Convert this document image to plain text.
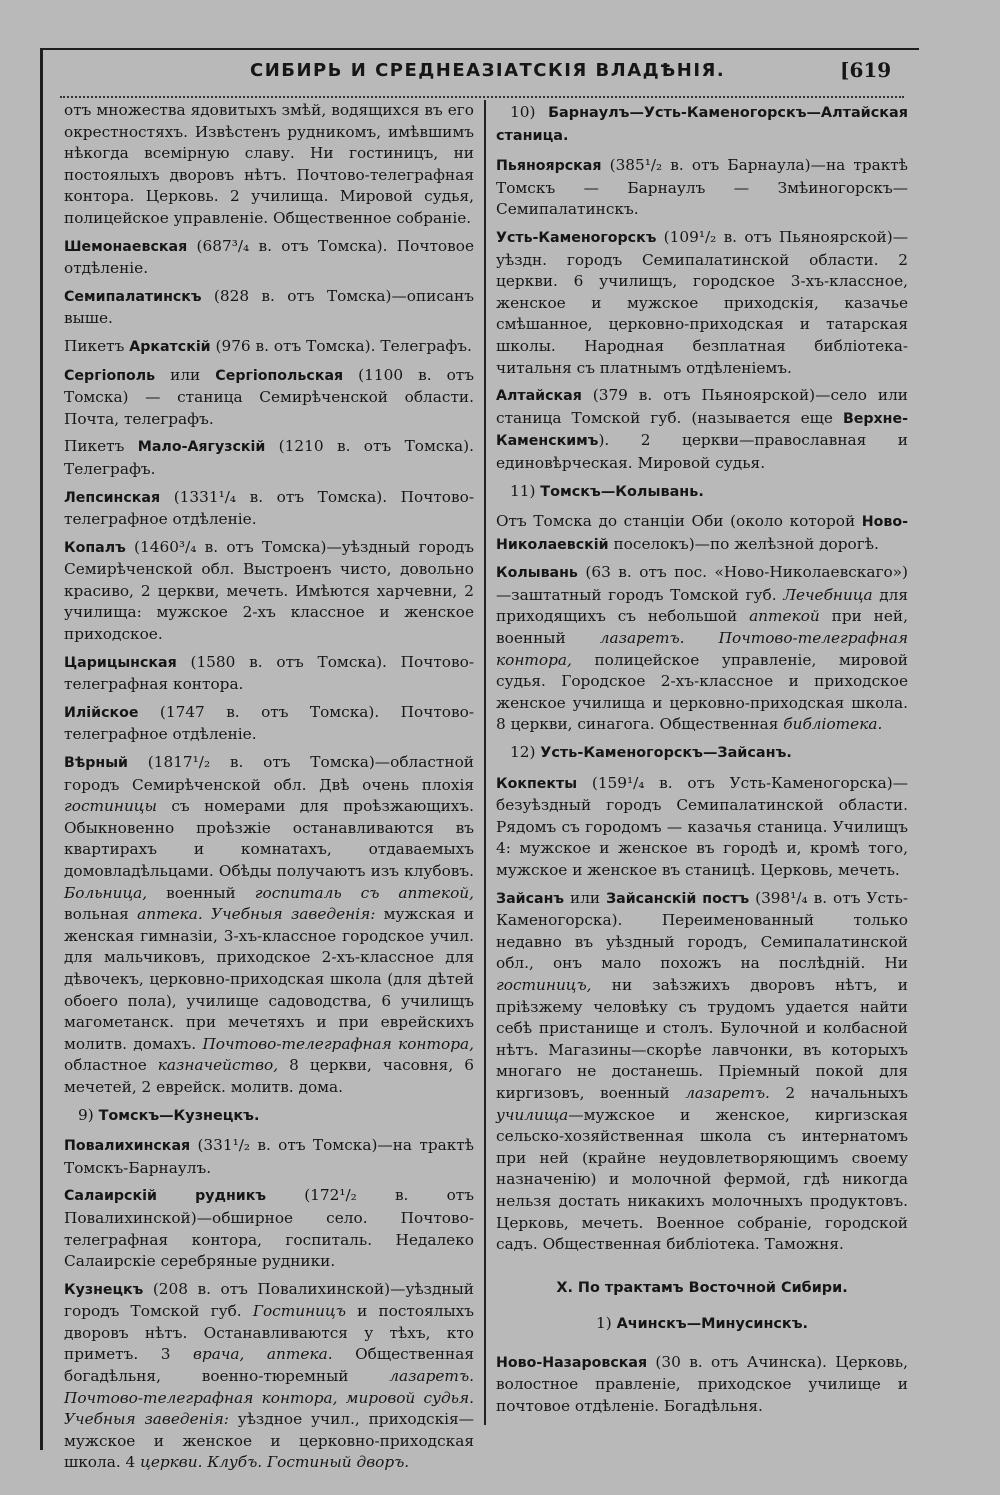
СИБИРЬ И СРЕДНЕАЗІАТСКІЯ ВЛАДѢНІЯ.	[619

отъ множества ядовитыхъ змѣй, водящихся въ его окрестностяхъ. Извѣстенъ рудникомъ, имѣвшимъ нѣкогда всемірную славу. Ни гостиницъ, ни постоялыхъ дворовъ нѣтъ. Почтово-телеграфная контора. Церковь. 2 училища. Мировой судья, полицейское управленіе. Общественное собраніе.

Шемонаевская (687³/₄ в. отъ Томска). Почтовое отдѣленіе.

Семипалатинскъ (828 в. отъ Томска)—описанъ выше.

Пикетъ Аркатскій (976 в. отъ Томска). Телеграфъ.

Сергіополь или Сергіопольская (1100 в. отъ Томска) — станица Семирѣченской области. Почта, телеграфъ.

Пикетъ Мало-Аягузскій (1210 в. отъ Томска). Телеграфъ.

Лепсинская (1331¹/₄ в. отъ Томска). Почтово-телеграфное отдѣленіе.

Копалъ (1460³/₄ в. отъ Томска)—уѣздный городъ Семирѣченской обл. Выстроенъ чисто, довольно красиво, 2 церкви, мечеть. Имѣются харчевни, 2 училища: мужское 2-хъ классное и женское приходское.

Царицынская (1580 в. отъ Томска). Почтово-телеграфная контора.

Илійское (1747 в. отъ Томска). Почтово-телеграфное отдѣленіе.

Вѣрный (1817¹/₂ в. отъ Томска)—областной городъ Семирѣченской обл. Двѣ очень плохія гостиницы съ номерами для проѣзжающихъ. Обыкновенно проѣзжіе останавливаются въ квартирахъ и комнатахъ, отдаваемыхъ домовладѣльцами. Обѣды получаютъ изъ клубовъ. Больница, военный госпиталь съ аптекой, вольная аптека. Учебныя заведенія: мужская и женская гимназіи, 3-хъ-классное городское учил. для мальчиковъ, приходское 2-хъ-классное для дѣвочекъ, церковно-приходская школа (для дѣтей обоего пола), училище садоводства, 6 училищъ магометанск. при мечетяхъ и при еврейскихъ молитв. домахъ. Почтово-телеграфная контора, областное казначейство, 8 церкви, часовня, 6 мечетей, 2 еврейск. молитв. дома.

9) Томскъ—Кузнецкъ.

Повалихинская (331¹/₂ в. отъ Томска)—на трактѣ Томскъ-Барнаулъ.

Салаирскій рудникъ (172¹/₂ в. отъ Повалихинской)—обширное село. Почтово-телеграфная контора, госпиталь. Недалеко Салаирскіе серебряные рудники.

Кузнецкъ (208 в. отъ Повалихинской)—уѣздный городъ Томской губ. Гостиницъ и постоялыхъ дворовъ нѣтъ. Останавливаются у тѣхъ, кто приметъ. 3 врача, аптека. Общественная богадѣльня, военно-тюремный лазаретъ. Почтово-телеграфная контора, мировой судья. Учебныя заведенія: уѣздное учил., приходскія—мужское и женское и церковно-приходская школа. 4 церкви. Клубъ. Гостиный дворъ.

10) Барнаулъ—Усть-Каменогорскъ—Алтайская станица.

Пьяноярская (385¹/₂ в. отъ Барнаула)—на трактѣ Томскъ — Барнаулъ — Змѣиногорскъ—Семипалатинскъ.

Усть-Каменогорскъ (109¹/₂ в. отъ Пьяноярской)—уѣздн. городъ Семипалатинской области. 2 церкви. 6 училищъ, городское 3-хъ-классное, женское и мужское приходскія, казачье смѣшанное, церковно-приходская и татарская школы. Народная безплатная библіотека-читальня съ платнымъ отдѣленіемъ.

Алтайская (379 в. отъ Пьяноярской)—село или станица Томской губ. (называется еще Верхне-Каменскимъ). 2 церкви—православная и единовѣрческая. Мировой судья.

11) Томскъ—Колывань.

Отъ Томска до станціи Оби (около которой Ново-Николаевскій поселокъ)—по желѣзной дорогѣ.

Колывань (63 в. отъ пос. «Ново-Николаевскаго»)—заштатный городъ Томской губ. Лечебница для приходящихъ съ небольшой аптекой при ней, военный лазаретъ. Почтово-телеграфная контора, полицейское управленіе, мировой судья. Городское 2-хъ-классное и приходское женское училища и церковно-приходская школа. 8 церкви, синагога. Общественная библіотека.

12) Усть-Каменогорскъ—Зайсанъ.

Кокпекты (159¹/₄ в. отъ Усть-Каменогорска)—безуѣздный городъ Семипалатинской области. Рядомъ съ городомъ — казачья станица. Училищъ 4: мужское и женское въ городѣ и, кромѣ того, мужское и женское въ станицѣ. Церковь, мечеть.

Зайсанъ или Зайсанскій постъ (398¹/₄ в. отъ Усть-Каменогорска). Переименованный только недавно въ уѣздный городъ, Семипалатинской обл., онъ мало похожъ на послѣдній. Ни гостиницъ, ни заѣзжихъ дворовъ нѣтъ, и пріѣзжему человѣку съ трудомъ удается найти себѣ пристанище и столъ. Булочной и колбасной нѣтъ. Магазины—скорѣе лавчонки, въ которыхъ многаго не достанешь. Пріемный покой для киргизовъ, военный лазаретъ. 2 начальныхъ училища—мужское и женское, киргизская сельско-хозяйственная школа съ интернатомъ при ней (крайне неудовлетворяющимъ своему назначенію) и молочной фермой, гдѣ никогда нельзя достать никакихъ молочныхъ продуктовъ. Церковь, мечеть. Военное собраніе, городской садъ. Общественная библіотека. Таможня.

X. По трактамъ Восточной Сибири.

1) Ачинскъ—Минусинскъ.

Ново-Назаровская (30 в. отъ Ачинска). Церковь, волостное правленіе, приходское училище и почтовое отдѣленіе. Богадѣльня.
